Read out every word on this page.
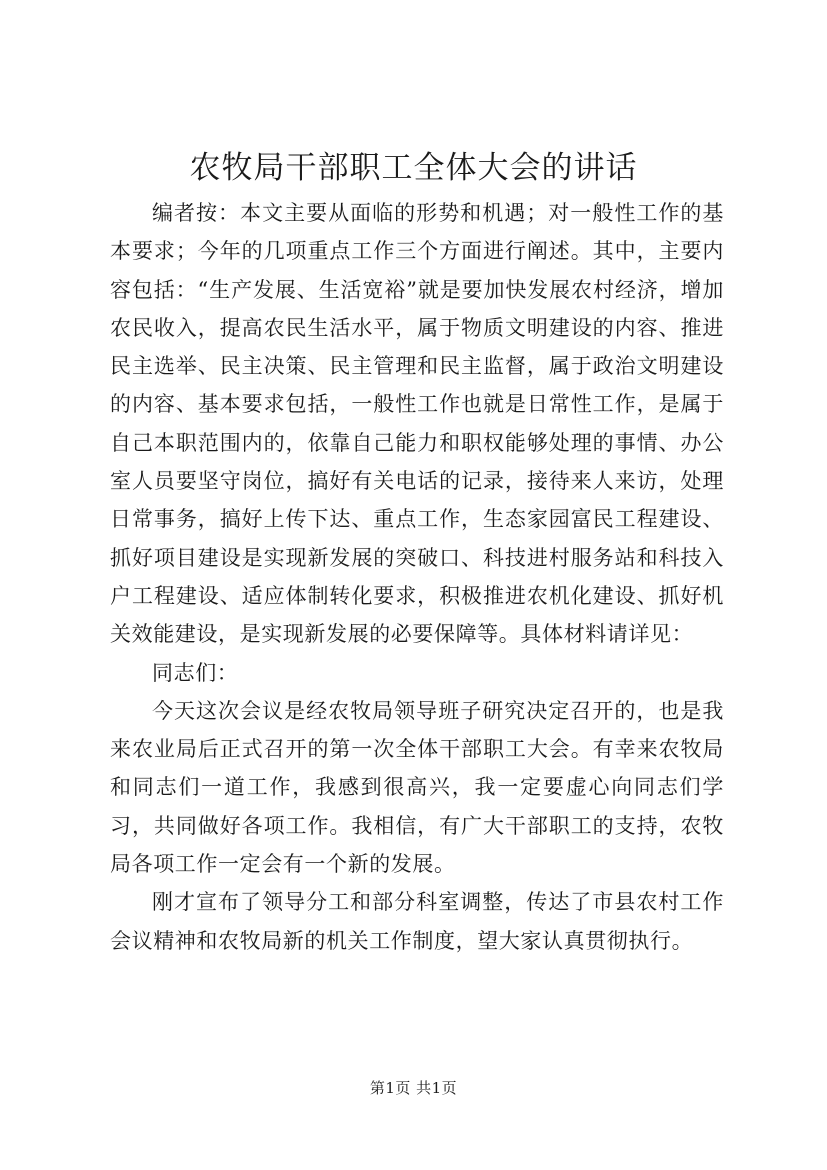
农牧局干部职工全体大会的讲话

编者按：本文主要从面临的形势和机遇；对一般性工作的基本要求；今年的几项重点工作三个方面进行阐述。其中，主要内容包括：“生产发展、生活宽裕”就是要加快发展农村经济，增加农民收入，提高农民生活水平，属于物质文明建设的内容、推进民主选举、民主决策、民主管理和民主监督，属于政治文明建设的内容、基本要求包括，一般性工作也就是日常性工作，是属于自己本职范围内的，依靠自己能力和职权能够处理的事情、办公室人员要坚守岗位，搞好有关电话的记录，接待来人来访，处理日常事务，搞好上传下达、重点工作，生态家园富民工程建设、抓好项目建设是实现新发展的突破口、科技进村服务站和科技入户工程建设、适应体制转化要求，积极推进农机化建设、抓好机关效能建设，是实现新发展的必要保障等。具体材料请详见：

同志们：

今天这次会议是经农牧局领导班子研究决定召开的，也是我来农业局后正式召开的第一次全体干部职工大会。有幸来农牧局和同志们一道工作，我感到很高兴，我一定要虚心向同志们学习，共同做好各项工作。我相信，有广大干部职工的支持，农牧局各项工作一定会有一个新的发展。

刚才宣布了领导分工和部分科室调整，传达了市县农村工作会议精神和农牧局新的机关工作制度，望大家认真贯彻执行。

第1页 共1页
